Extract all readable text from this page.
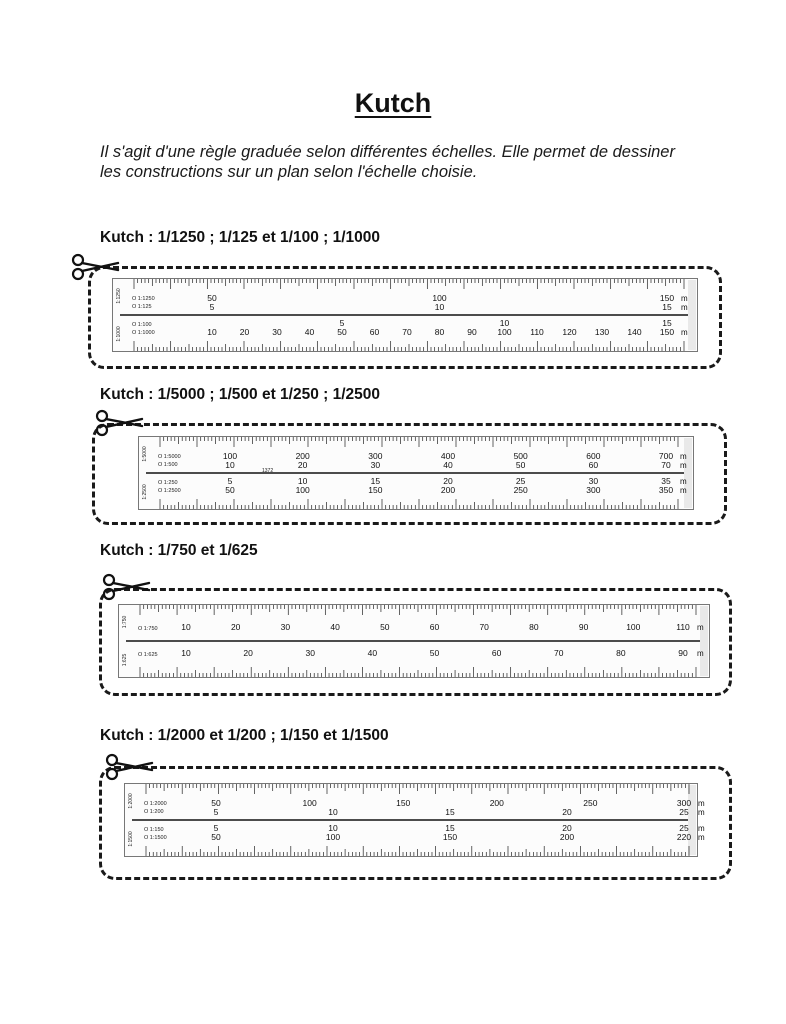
Kutch
Il s'agit d'une règle graduée selon différentes échelles. Elle permet de dessiner les constructions sur un plan selon l'échelle choisie.
Kutch : 1/1250 ; 1/125 et 1/100 ; 1/1000
1:1250
1:1000
O 1:1250
O 1:125
50	100	150
5	10	15
m
m
O 1:100
O 1:1000
5	10	15
10	20	30	40	50	60	70	80	90 100 110 120 130 140 150 m
Kutch : 1/5000 ; 1/500 et 1/250 ; 1/2500
1:5000
1:2500
O 1:5000
O 1:500
100	200	300	400	500	600	700
10	20	30	40	50	60	70
m
m
1372
O 1:250
O 1:2500
5	10	15	20	25	30	35
50	100	150	200	250	300	350
m
m
Kutch : 1/750 et 1/625
1:750
1:625
O 1:750	10	20	30	40	50	60	70	80	90	100	110 m
O 1:625	10	20	30	40	50	60	70	80	90 m
Kutch : 1/2000 et 1/200 ; 1/150 et 1/1500
1:2000
1:1500
O 1:2000
O 1:200
50	100	150	200	250	300
5	10	15	20	25
m
m
O 1:150
O 1:1500
5	10	15	20	25
50	100	150	200	220
m
m
